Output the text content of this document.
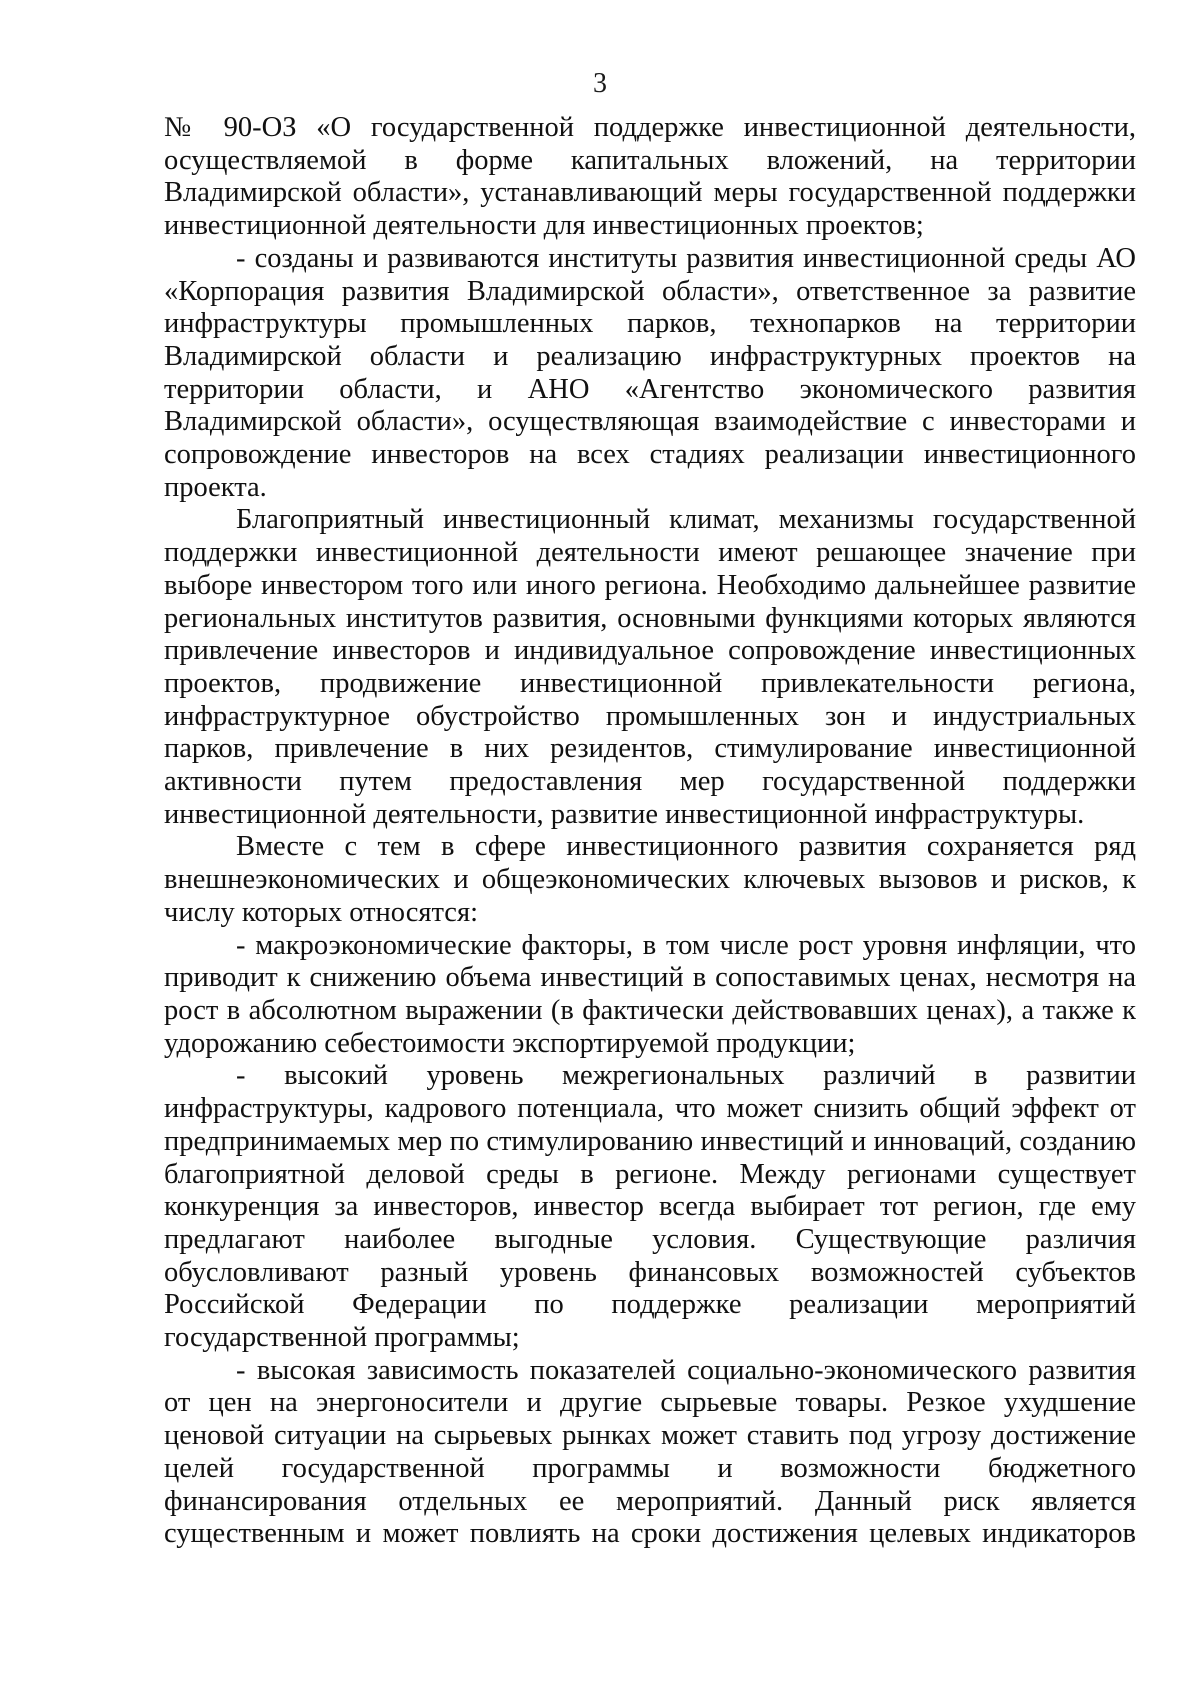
3

№ 90-ОЗ «О государственной поддержке инвестиционной деятельности, осуществляемой в форме капитальных вложений, на территории Владимирской области», устанавливающий меры государственной поддержки инвестиционной деятельности для инвестиционных проектов;

- созданы и развиваются институты развития инвестиционной среды АО «Корпорация развития Владимирской области», ответственное за развитие инфраструктуры промышленных парков, технопарков на территории Владимирской области и реализацию инфраструктурных проектов на территории области, и АНО «Агентство экономического развития Владимирской области», осуществляющая взаимодействие с инвесторами и сопровождение инвесторов на всех стадиях реализации инвестиционного проекта.

Благоприятный инвестиционный климат, механизмы государственной поддержки инвестиционной деятельности имеют решающее значение при выборе инвестором того или иного региона. Необходимо дальнейшее развитие региональных институтов развития, основными функциями которых являются привлечение инвесторов и индивидуальное сопровождение инвестиционных проектов, продвижение инвестиционной привлекательности региона, инфраструктурное обустройство промышленных зон и индустриальных парков, привлечение в них резидентов, стимулирование инвестиционной активности путем предоставления мер государственной поддержки инвестиционной деятельности, развитие инвестиционной инфраструктуры.

Вместе с тем в сфере инвестиционного развития сохраняется ряд внешнеэкономических и общеэкономических ключевых вызовов и рисков, к числу которых относятся:

- макроэкономические факторы, в том числе рост уровня инфляции, что приводит к снижению объема инвестиций в сопоставимых ценах, несмотря на рост в абсолютном выражении (в фактически действовавших ценах), а также к удорожанию себестоимости экспортируемой продукции;

- высокий уровень межрегиональных различий в развитии инфраструктуры, кадрового потенциала, что может снизить общий эффект от предпринимаемых мер по стимулированию инвестиций и инноваций, созданию благоприятной деловой среды в регионе. Между регионами существует конкуренция за инвесторов, инвестор всегда выбирает тот регион, где ему предлагают наиболее выгодные условия. Существующие различия обусловливают разный уровень финансовых возможностей субъектов Российской Федерации по поддержке реализации мероприятий государственной программы;

- высокая зависимость показателей социально-экономического развития от цен на энергоносители и другие сырьевые товары. Резкое ухудшение ценовой ситуации на сырьевых рынках может ставить под угрозу достижение целей государственной программы и возможности бюджетного финансирования отдельных ее мероприятий. Данный риск является существенным и может повлиять на сроки достижения целевых индикаторов
